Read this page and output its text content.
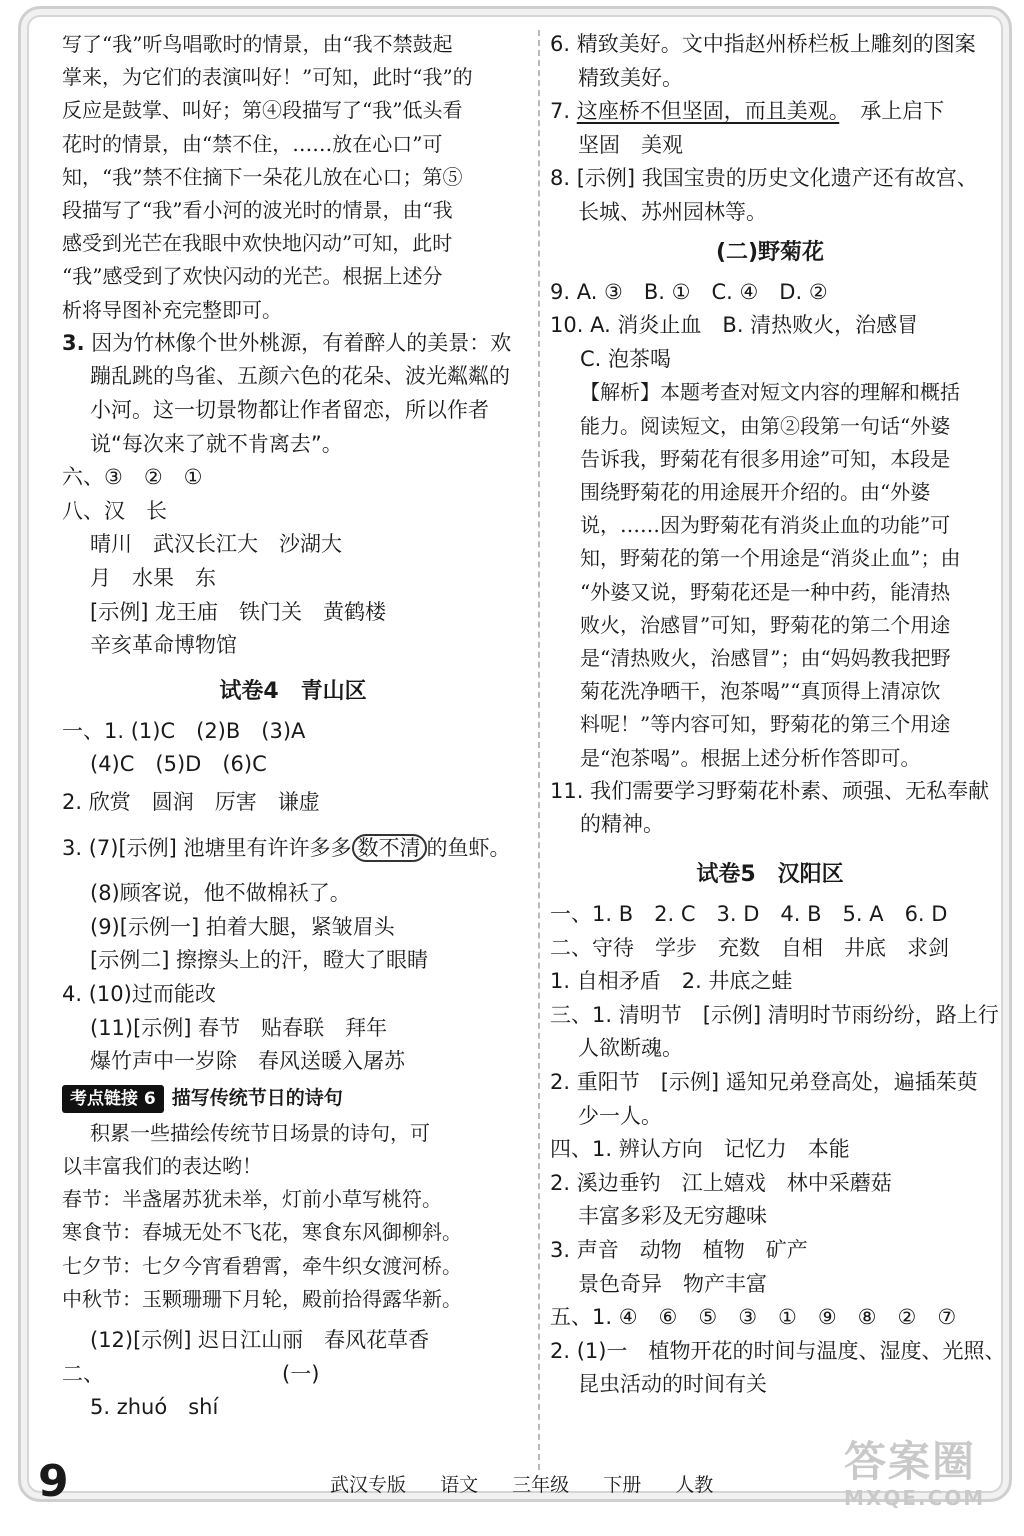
写了“我”听鸟唱歌时的情景，由“我不禁鼓起
掌来，为它们的表演叫好！”可知，此时“我”的
反应是鼓掌、叫好；第④段描写了“我”低头看
花时的情景，由“禁不住，……放在心口”可
知，“我”禁不住摘下一朵花儿放在心口；第⑤
段描写了“我”看小河的波光时的情景，由“我
感受到光芒在我眼中欢快地闪动”可知，此时
“我”感受到了欢快闪动的光芒。根据上述分
析将导图补充完整即可。
3. 因为竹林像个世外桃源，有着醉人的美景：欢
蹦乱跳的鸟雀、五颜六色的花朵、波光粼粼的
小河。这一切景物都让作者留恋，所以作者
说“每次来了就不肯离去”。
六、③　②　①
八、汉　长
晴川　武汉长江大　沙湖大
月　水果　东
[示例] 龙王庙　铁门关　黄鹤楼
辛亥革命博物馆
试卷4　青山区
一、1. (1)C　(2)B　(3)A
(4)C　(5)D　(6)C
2. 欣赏　圆润　厉害　谦虚
3. (7)[示例] 池塘里有许许多多 数不清 的鱼虾。
(8)顾客说，他不做棉袄了。
(9)[示例一] 拍着大腿，紧皱眉头
[示例二] 擦擦头上的汗，瞪大了眼睛
4. (10)过而能改
(11)[示例] 春节　贴春联　拜年
爆竹声中一岁除　春风送暖入屠苏
考点链接 6 描写传统节日的诗句
积累一些描绘传统节日场景的诗句，可
以丰富我们的表达哟！
春节：半盏屠苏犹未举，灯前小草写桃符。
寒食节：春城无处不飞花，寒食东风御柳斜。
七夕节：七夕今宵看碧霄，牵牛织女渡河桥。
中秋节：玉颗珊珊下月轮，殿前拾得露华新。
(12)[示例] 迟日江山丽　春风花草香
二、	(一)
5. zhuó　shí
6. 精致美好。文中指赵州桥栏板上雕刻的图案
精致美好。
7. 这座桥不但坚固，而且美观。　 承上启下
坚固　美观
8. [示例] 我国宝贵的历史文化遗产还有故宫、
长城、苏州园林等。
(二)野菊花
9. A. ③　B. ①　C. ④　D. ②
10. A. 消炎止血　B. 清热败火，治感冒
C. 泡茶喝
【解析】本题考查对短文内容的理解和概括
能力。阅读短文，由第②段第一句话“外婆
告诉我，野菊花有很多用途”可知，本段是
围绕野菊花的用途展开介绍的。由“外婆
说，……因为野菊花有消炎止血的功能”可
知，野菊花的第一个用途是“消炎止血”；由
“外婆又说，野菊花还是一种中药，能清热
败火，治感冒”可知，野菊花的第二个用途
是“清热败火，治感冒”；由“妈妈教我把野
菊花洗净晒干，泡茶喝”“真顶得上清凉饮
料呢！”等内容可知，野菊花的第三个用途
是“泡茶喝”。根据上述分析作答即可。
11. 我们需要学习野菊花朴素、顽强、无私奉献
的精神。
试卷5　汉阳区
一、1. B　2. C　3. D　4. B　5. A　6. D
二、守待　学步　充数　自相　井底　求剑
1. 自相矛盾　2. 井底之蛙
三、1. 清明节　[示例] 清明时节雨纷纷，路上行
人欲断魂。
2. 重阳节　[示例] 遥知兄弟登高处，遍插茱萸
少一人。
四、1. 辨认方向　记忆力　本能
2. 溪边垂钓　江上嬉戏　林中采蘑菇
丰富多彩及无穷趣味
3. 声音　动物　植物　矿产
景色奇异　物产丰富
五、1. ④　⑥　⑤　③　①　⑨　⑧　②　⑦
2. (1)一　植物开花的时间与温度、湿度、光照、
昆虫活动的时间有关
9	武汉专版 语文 三年级 下册 人教	答案圈
MXQE.COM
